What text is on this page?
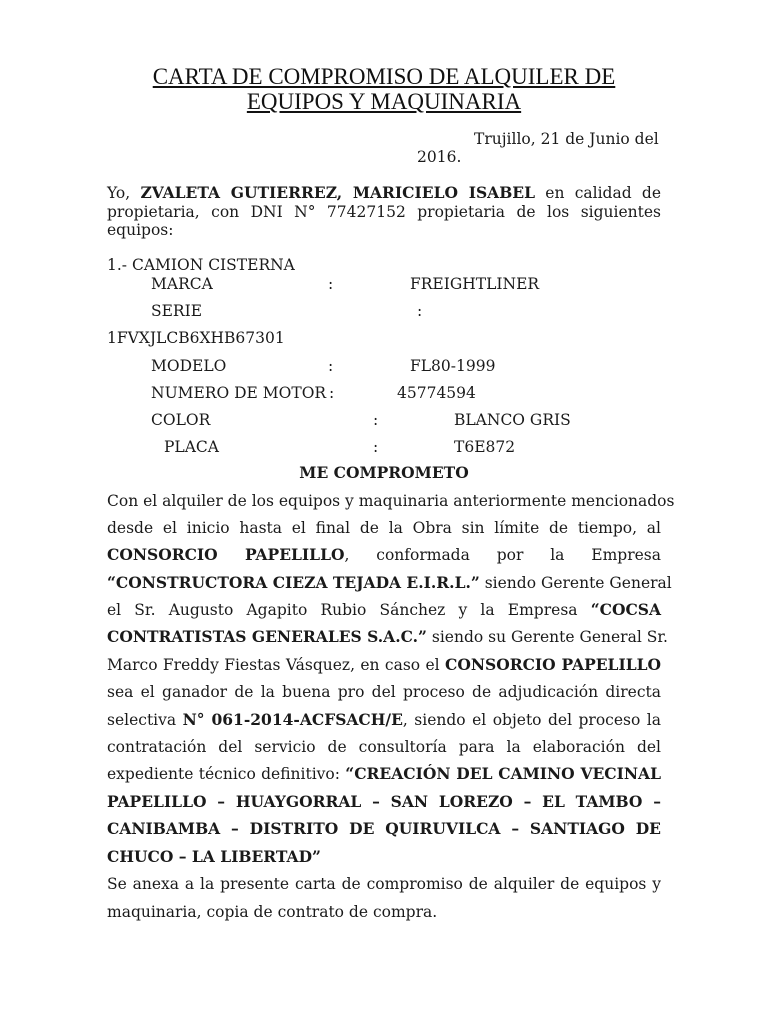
CARTA DE COMPROMISO DE ALQUILER DE
EQUIPOS Y MAQUINARIA
Trujillo, 21 de Junio del
2016.
Yo, ZVALETA GUTIERREZ, MARICIELO ISABEL en calidad de
propietaria, con DNI N° 77427152 propietaria de los siguientes
equipos:
1.- CAMION CISTERNA
MARCA	:	FREIGHTLINER
SERIE	:
1FVXJLCB6XHB67301
MODELO	:	FL80-1999
NUMERO DE MOTOR :	45774594
COLOR	:	BLANCO GRIS
PLACA	:	T6E872
ME COMPROMETO
Con el alquiler de los equipos y maquinaria anteriormente mencionados
desde el inicio hasta el final de la Obra sin límite de tiempo, al
CONSORCIO PAPELILLO, conformada por la Empresa
“CONSTRUCTORA CIEZA TEJADA E.I.R.L.” siendo Gerente General
el Sr. Augusto Agapito Rubio Sánchez y la Empresa “COCSA
CONTRATISTAS GENERALES S.A.C.” siendo su Gerente General Sr.
Marco Freddy Fiestas Vásquez, en caso el CONSORCIO PAPELILLO
sea el ganador de la buena pro del proceso de adjudicación directa
selectiva N° 061-2014-ACFSACH/E, siendo el objeto del proceso la
contratación del servicio de consultoría para la elaboración del
expediente técnico definitivo: “CREACIÓN DEL CAMINO VECINAL
PAPELILLO – HUAYGORRAL – SAN LOREZO – EL TAMBO –
CANIBAMBA – DISTRITO DE QUIRUVILCA – SANTIAGO DE
CHUCO – LA LIBERTAD”
Se anexa a la presente carta de compromiso de alquiler de equipos y
maquinaria, copia de contrato de compra.
